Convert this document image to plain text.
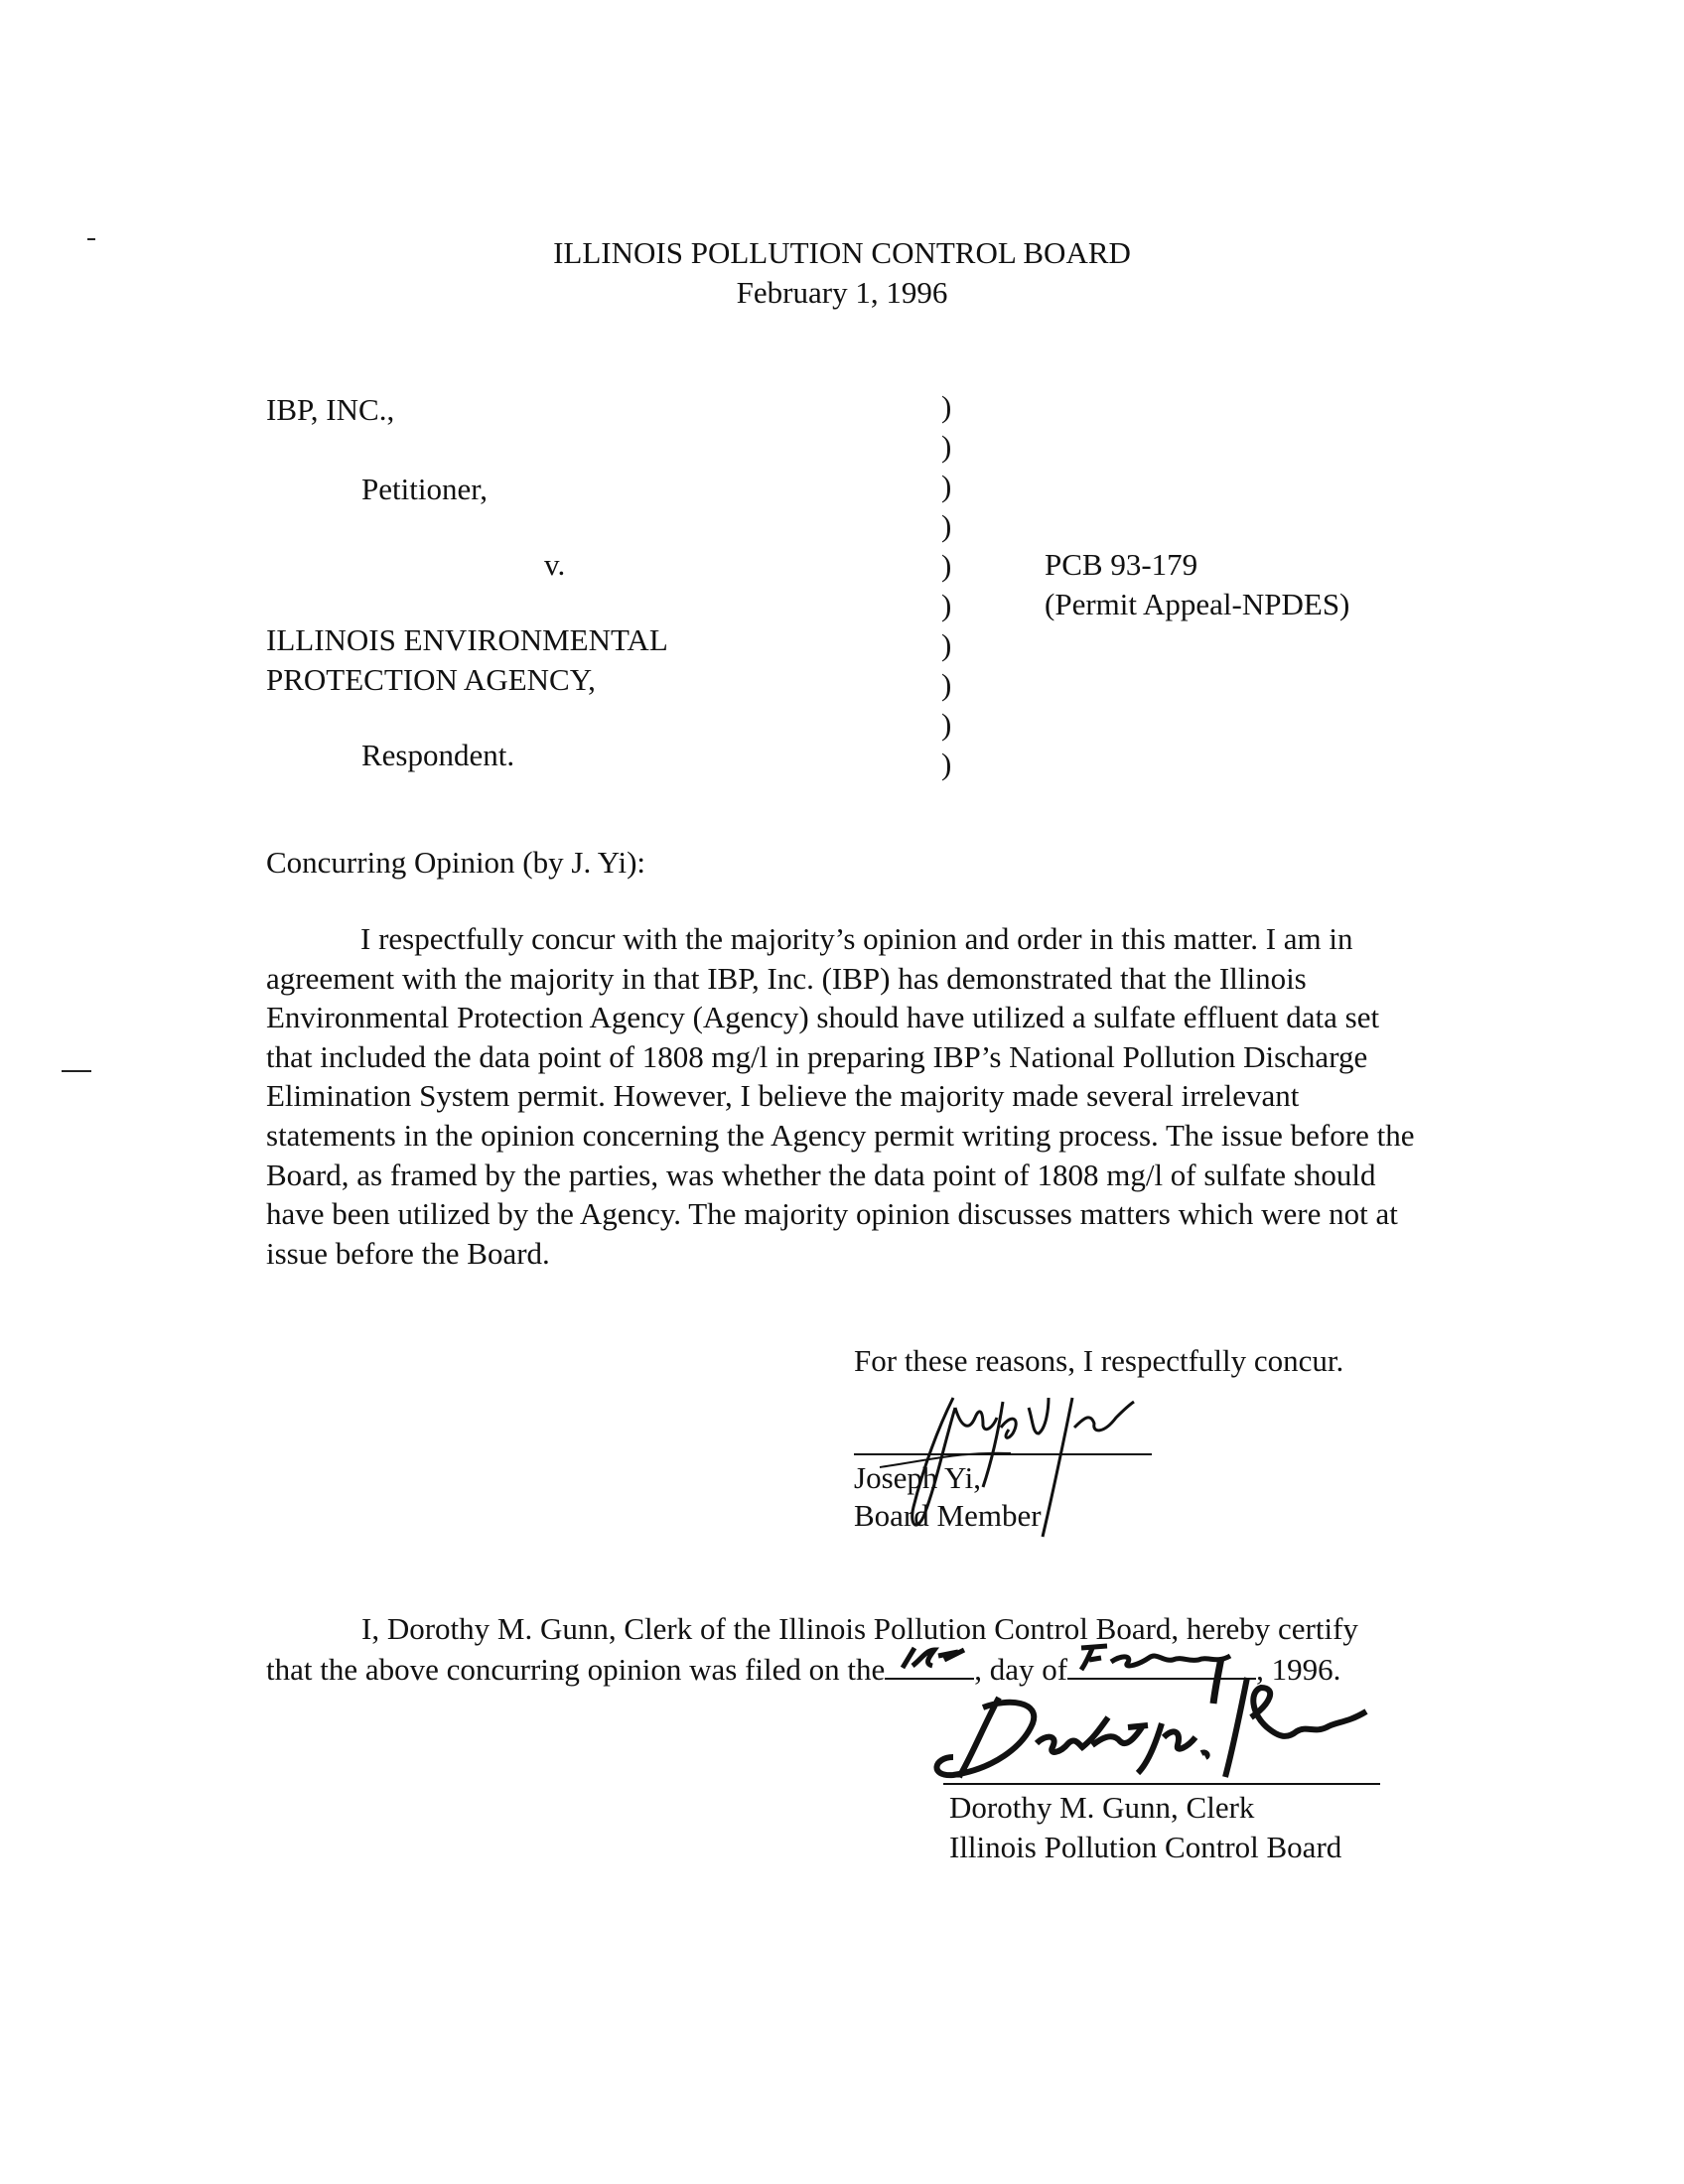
ILLINOIS POLLUTION CONTROL BOARD
February 1, 1996
IBP, INC.,
Petitioner,
v.
ILLINOIS ENVIRONMENTAL
PROTECTION AGENCY,
Respondent.
)
)
)
)
)
)
)
)
)
)
PCB 93-179
(Permit Appeal-NPDES)
Concurring Opinion (by J. Yi):
I respectfully concur with the majority’s opinion and order in this matter. I am in agreement with the majority in that IBP, Inc. (IBP) has demonstrated that the Illinois Environmental Protection Agency (Agency) should have utilized a sulfate effluent data set that included the data point of 1808 mg/l in preparing IBP’s National Pollution Discharge Elimination System permit. However, I believe the majority made several irrelevant statements in the opinion concerning the Agency permit writing process. The issue before the Board, as framed by the parties, was whether the data point of 1808 mg/l of sulfate should have been utilized by the Agency. The majority opinion discusses matters which were not at issue before the Board.
For these reasons, I respectfully concur.
Joseph Yi,
Board Member
I, Dorothy M. Gunn, Clerk of the Illinois Pollution Control Board, hereby certify
that the above concurring opinion was filed on the	, day of	, 1996.
Dorothy M. Gunn, Clerk
Illinois Pollution Control Board
